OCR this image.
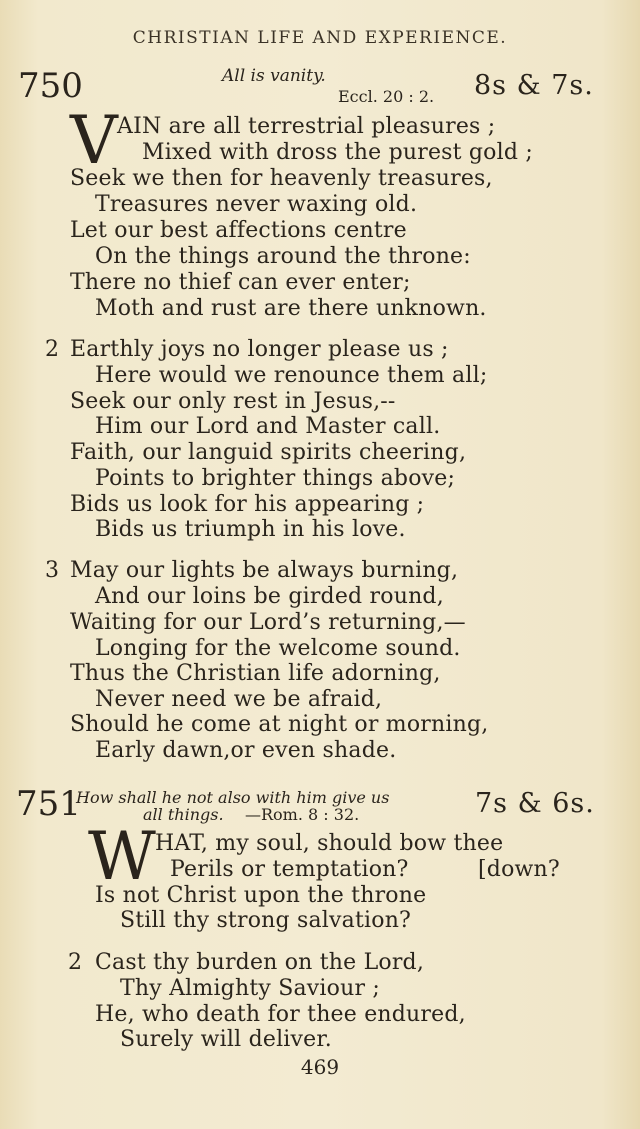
CHRISTIAN LIFE AND EXPERIENCE.
750	All is vanity.
Eccl. 20 : 2. 8s & 7s.
V AIN are all terrestrial pleasures ;
Mixed with dross the purest gold ;
Seek we then for heavenly treasures,
Treasures never waxing old.
Let our best affections centre
On the things around the throne:
There no thief can ever enter;
Moth and rust are there unknown.
2 Earthly joys no longer please us ;
Here would we renounce them all;
Seek our only rest in Jesus,--
Him our Lord and Master call.
Faith, our languid spirits cheering,
Points to brighter things above;
Bids us look for his appearing ;
Bids us triumph in his love.
3 May our lights be always burning,
And our loins be girded round,
Waiting for our Lord’s returning,—
Longing for the welcome sound.
Thus the Christian life adorning,
Never need we be afraid,
Should he come at night or morning,
Early dawn,or even shade.
751
How shall he not also with him give us
all things. —Rom. 8 : 32.	7s & 6s.
W HAT, my soul, should bow thee
Perils or temptation?	[down?
Is not Christ upon the throne
Still thy strong salvation?
2 Cast thy burden on the Lord,
Thy Almighty Saviour ;
He, who death for thee endured,
Surely will deliver.
469
